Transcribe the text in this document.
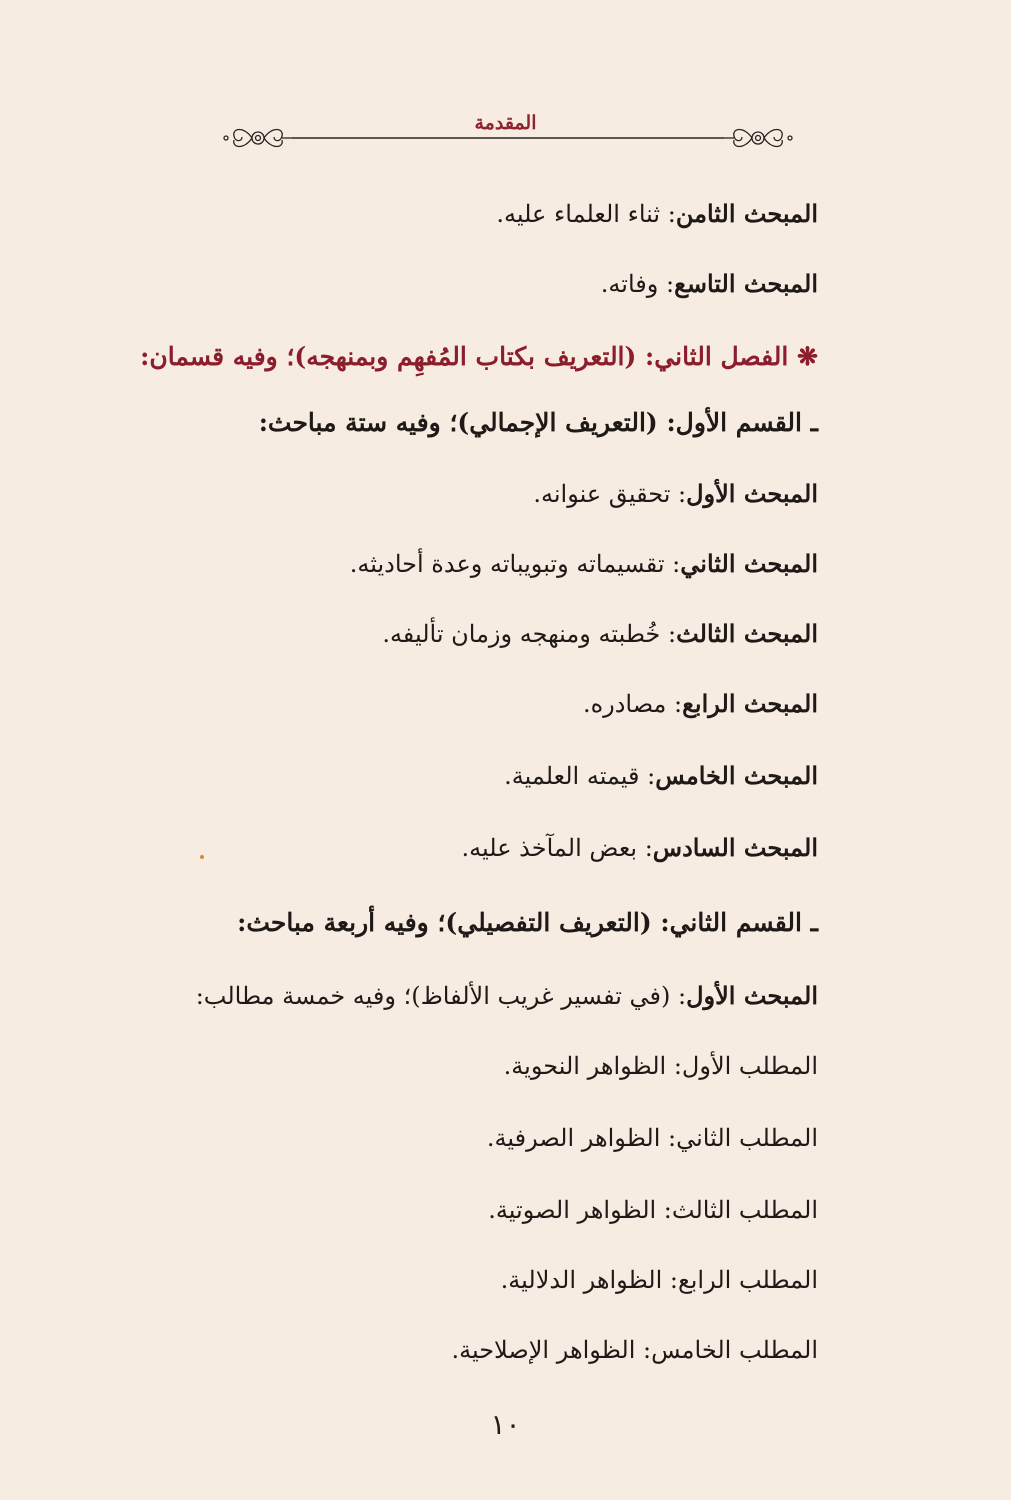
المقدمة
المبحث الثامن: ثناء العلماء عليه.
المبحث التاسع: وفاته.
❋ الفصل الثاني: (التعريف بكتاب المُفهِم وبمنهجه)؛ وفيه قسمان:
ـ القسم الأول: (التعريف الإجمالي)؛ وفيه ستة مباحث:
المبحث الأول: تحقيق عنوانه.
المبحث الثاني: تقسيماته وتبويباته وعدة أحاديثه.
المبحث الثالث: خُطبته ومنهجه وزمان تأليفه.
المبحث الرابع: مصادره.
المبحث الخامس: قيمته العلمية.
المبحث السادس: بعض المآخذ عليه.
ـ القسم الثاني: (التعريف التفصيلي)؛ وفيه أربعة مباحث:
المبحث الأول: (في تفسير غريب الألفاظ)؛ وفيه خمسة مطالب:
المطلب الأول: الظواهر النحوية.
المطلب الثاني: الظواهر الصرفية.
المطلب الثالث: الظواهر الصوتية.
المطلب الرابع: الظواهر الدلالية.
المطلب الخامس: الظواهر الإصلاحية.
١٠
